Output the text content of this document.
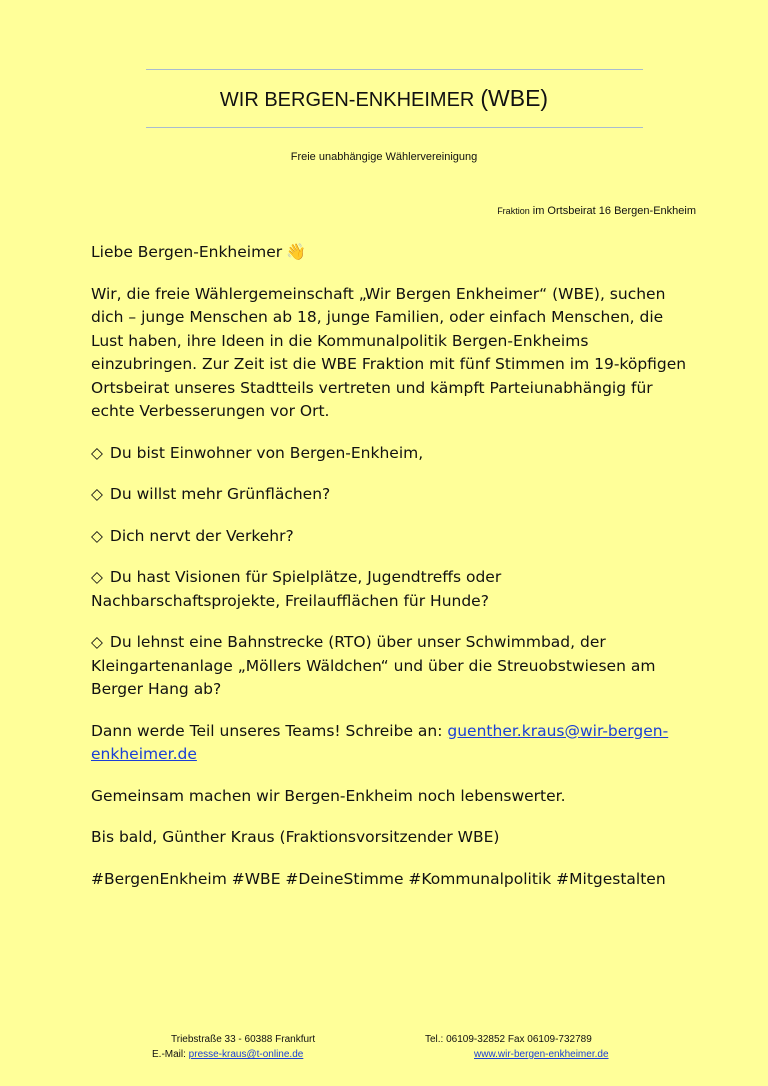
WIR BERGEN-ENKHEIMER (WBE)
Freie unabhängige Wählervereinigung
Fraktion im Ortsbeirat 16 Bergen-Enkheim

Liebe Bergen-Enkheimer 👋

Wir, die freie Wählergemeinschaft „Wir Bergen Enkheimer“ (WBE), suchen dich – junge Menschen ab 18, junge Familien, oder einfach Menschen, die Lust haben, ihre Ideen in die Kommunalpolitik Bergen-Enkheims einzubringen. Zur Zeit ist die WBE Fraktion mit fünf Stimmen im 19-köpfigen Ortsbeirat unseres Stadtteils vertreten und kämpft Parteiunabhängig für echte Verbesserungen vor Ort.

◇ Du bist Einwohner von Bergen-Enkheim,

◇ Du willst mehr Grünflächen?

◇ Dich nervt der Verkehr?

◇ Du hast Visionen für Spielplätze, Jugendtreffs oder Nachbarschaftsprojekte, Freilaufflächen für Hunde?

◇ Du lehnst eine Bahnstrecke (RTO) über unser Schwimmbad, der Kleingartenanlage „Möllers Wäldchen“ und über die Streuobstwiesen am Berger Hang ab?

Dann werde Teil unseres Teams! Schreibe an: guenther.kraus@wir-bergen-enkheimer.de

Gemeinsam machen wir Bergen-Enkheim noch lebenswerter.

Bis bald, Günther Kraus (Fraktionsvorsitzender WBE)

#BergenEnkheim #WBE #DeineStimme #Kommunalpolitik #Mitgestalten

Triebstraße 33 - 60388 Frankfurt	Tel.: 06109-32852 Fax 06109-732789
E.-Mail: presse-kraus@t-online.de	www.wir-bergen-enkheimer.de
